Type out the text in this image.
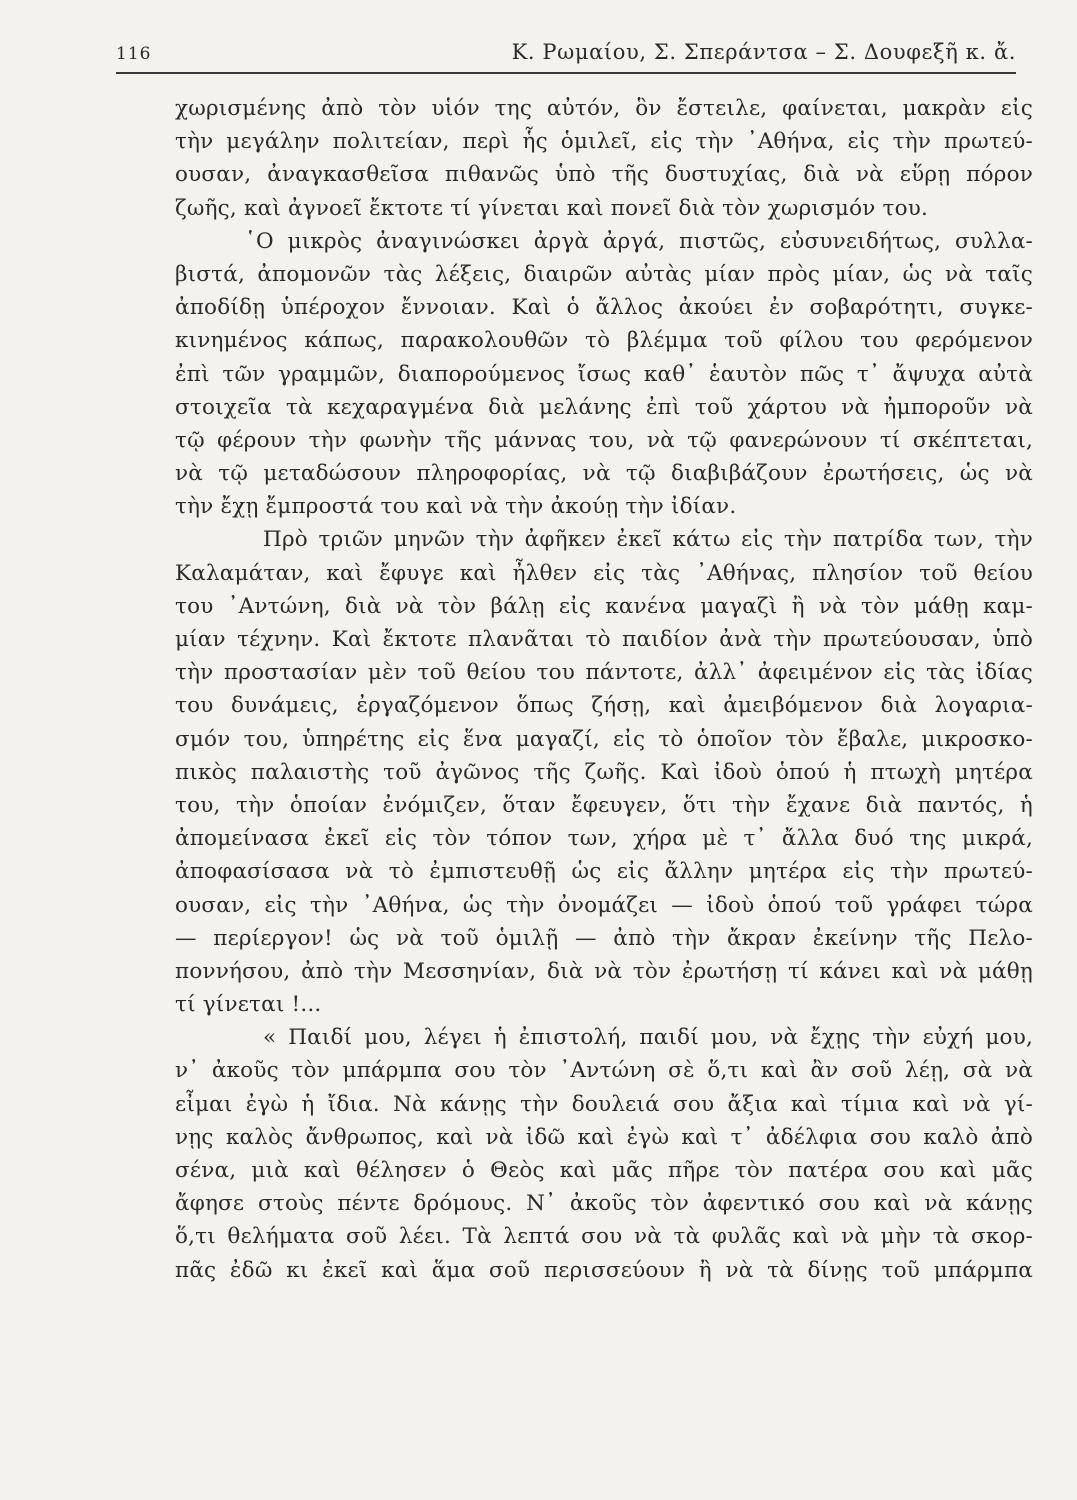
116	Κ. Ρωμαίου, Σ. Σπεράντσα – Σ. Δουφεξῆ κ. ἄ.
χωρισμένης ἀπὸ τὸν υἱόν της αὐτόν, ὃν ἔστειλε, φαίνεται, μακρὰν εἰς
τὴν μεγάλην πολιτείαν, περὶ ἧς ὁμιλεῖ, εἰς τὴν ᾿Αθήνα, εἰς τὴν πρωτεύ-
ουσαν, ἀναγκασθεῖσα πιθανῶς ὑπὸ τῆς δυστυχίας, διὰ νὰ εὕρῃ πόρον
ζωῆς, καὶ ἀγνοεῖ ἔκτοτε τί γίνεται καὶ πονεῖ διὰ τὸν χωρισμόν του.
῾Ο μικρὸς ἀναγινώσκει ἀργὰ ἀργά, πιστῶς, εὐσυνειδήτως, συλλα-
βιστά, ἀπομονῶν τὰς λέξεις, διαιρῶν αὐτὰς μίαν πρὸς μίαν, ὡς νὰ ταῖς
ἀποδίδῃ ὑπέροχον ἔννοιαν. Καὶ ὁ ἄλλος ἀκούει ἐν σοβαρότητι, συγκε-
κινημένος κάπως, παρακολουθῶν τὸ βλέμμα τοῦ φίλου του φερόμενον
ἐπὶ τῶν γραμμῶν, διαπορούμενος ἴσως καθ᾿ ἑαυτὸν πῶς τ᾿ ἄψυχα αὐτὰ
στοιχεῖα τὰ κεχαραγμένα διὰ μελάνης ἐπὶ τοῦ χάρτου νὰ ἠμποροῦν νὰ
τῷ φέρουν τὴν φωνὴν τῆς μάννας του, νὰ τῷ φανερώνουν τί σκέπτεται,
νὰ τῷ μεταδώσουν πληροφορίας, νὰ τῷ διαβιβάζουν ἐρωτήσεις, ὡς νὰ
τὴν ἔχῃ ἔμπροστά του καὶ νὰ τὴν ἀκούῃ τὴν ἰδίαν.
Πρὸ τριῶν μηνῶν τὴν ἀφῆκεν ἐκεῖ κάτω εἰς τὴν πατρίδα των, τὴν
Καλαμάταν, καὶ ἔφυγε καὶ ἦλθεν εἰς τὰς ᾿Αθήνας, πλησίον τοῦ θείου
του ᾿Αντώνη, διὰ νὰ τὸν βάλῃ εἰς κανένα μαγαζὶ ἢ νὰ τὸν μάθῃ καμ-
μίαν τέχνην. Καὶ ἔκτοτε πλανᾶται τὸ παιδίον ἀνὰ τὴν πρωτεύουσαν, ὑπὸ
τὴν προστασίαν μὲν τοῦ θείου του πάντοτε, ἀλλ᾿ ἀφειμένον εἰς τὰς ἰδίας
του δυνάμεις, ἐργαζόμενον ὅπως ζήσῃ, καὶ ἀμειβόμενον διὰ λογαρια-
σμόν του, ὑπηρέτης εἰς ἕνα μαγαζί, εἰς τὸ ὁποῖον τὸν ἔβαλε, μικροσκο-
πικὸς παλαιστὴς τοῦ ἀγῶνος τῆς ζωῆς. Καὶ ἰδοὺ ὁπού ἡ πτωχὴ μητέρα
του, τὴν ὁποίαν ἐνόμιζεν, ὅταν ἔφευγεν, ὅτι τὴν ἔχανε διὰ παντός, ἡ
ἀπομείνασα ἐκεῖ εἰς τὸν τόπον των, χήρα μὲ τ᾿ ἄλλα δυό της μικρά,
ἀποφασίσασα νὰ τὸ ἐμπιστευθῇ ὡς εἰς ἄλλην μητέρα εἰς τὴν πρωτεύ-
ουσαν, εἰς τὴν ᾿Αθήνα, ὡς τὴν ὀνομάζει — ἰδοὺ ὁπού τοῦ γράφει τώρα
— περίεργον! ὡς νὰ τοῦ ὁμιλῇ — ἀπὸ τὴν ἄκραν ἐκείνην τῆς Πελο-
ποννήσου, ἀπὸ τὴν Μεσσηνίαν, διὰ νὰ τὸν ἐρωτήσῃ τί κάνει καὶ νὰ μάθῃ
τί γίνεται !...
« Παιδί μου, λέγει ἡ ἐπιστολή, παιδί μου, νὰ ἔχῃς τὴν εὐχή μου,
ν᾿ ἀκοῦς τὸν μπάρμπα σου τὸν ᾿Αντώνη σὲ ὅ,τι καὶ ἂν σοῦ λέῃ, σὰ νὰ
εἶμαι ἐγὼ ἡ ἴδια. Νὰ κάνῃς τὴν δουλειά σου ἄξια καὶ τίμια καὶ νὰ γί-
νῃς καλὸς ἄνθρωπος, καὶ νὰ ἰδῶ καὶ ἐγὼ καὶ τ᾿ ἀδέλφια σου καλὸ ἀπὸ
σένα, μιὰ καὶ θέλησεν ὁ Θεὸς καὶ μᾶς πῆρε τὸν πατέρα σου καὶ μᾶς
ἄφησε στοὺς πέντε δρόμους. Ν᾿ ἀκοῦς τὸν ἀφεντικό σου καὶ νὰ κάνῃς
ὅ,τι θελήματα σοῦ λέει. Τὰ λεπτά σου νὰ τὰ φυλᾶς καὶ νὰ μὴν τὰ σκορ-
πᾶς ἐδῶ κι ἐκεῖ καὶ ἅμα σοῦ περισσεύουν ἢ νὰ τὰ δίνῃς τοῦ μπάρμπα
